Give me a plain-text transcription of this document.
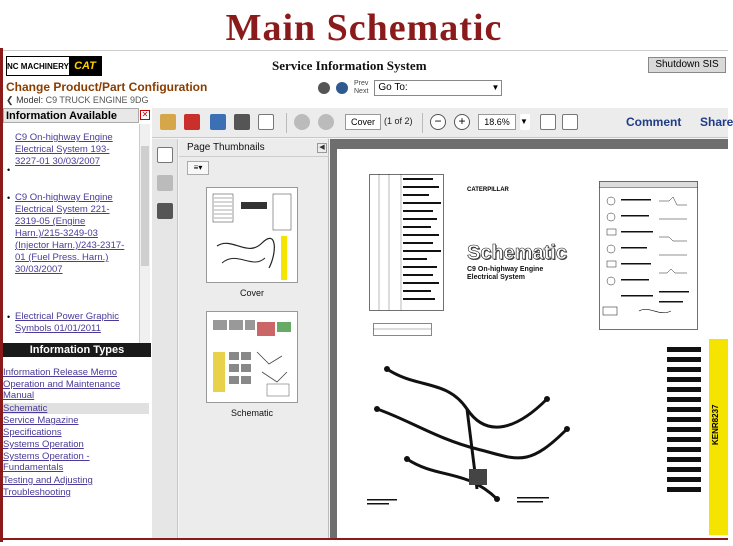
Main Schematic
NC MACHINERY CAT	Service Information System	Shutdown SIS
Change Product/Part Configuration
❮ Model: C9 TRUCK ENGINE 9DG
Prev
Next	Go To:	▼
Information Available	✕
C9 On-highway Engine Electrical System 193-3227-01 30/03/2007
•
• C9 On-highway Engine Electrical System 221-2319-05 (Engine Harn.)/215-3249-03 (Injector Harn.)/243-2317-01 (Fuel Press. Harn.) 30/03/2007
• Electrical Power Graphic Symbols 01/01/2011
Information Types
Information Release Memo
Operation and Maintenance Manual
Schematic
Service Magazine
Specifications
Systems Operation
Systems Operation - Fundamentals
Testing and Adjusting
Troubleshooting
Cover	(1 of 2)	−	+	18.6%	▼	Comment Share
Page Thumbnails	◀
≡▾
Cover
Schematic
CATERPILLAR
Schematic
C9 On-highway Engine
Electrical System
KENR8237
